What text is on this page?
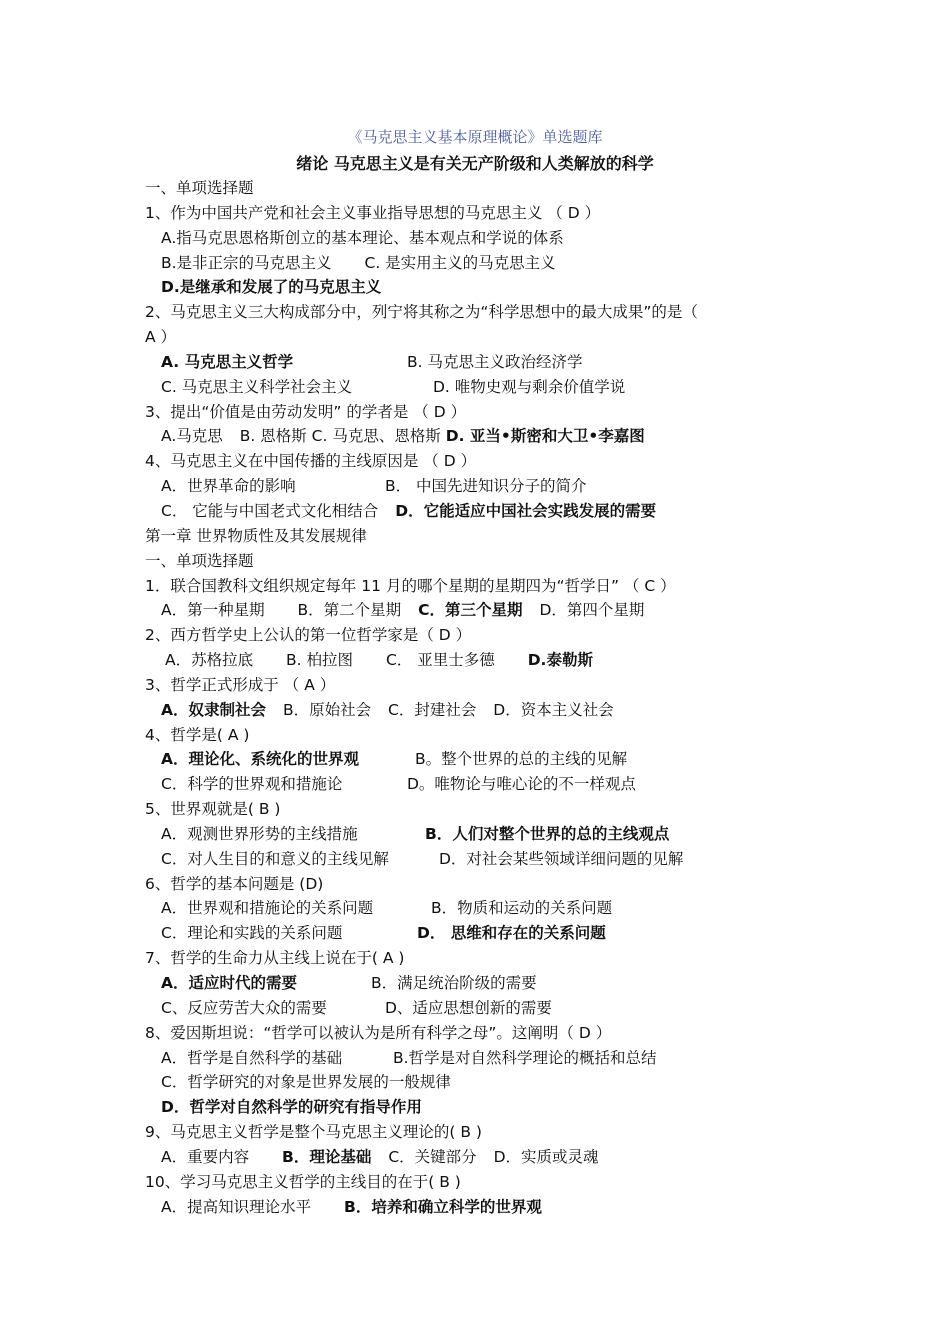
《马克思主义基本原理概论》单选题库
绪论 马克思主义是有关无产阶级和人类解放的科学
一、单项选择题
1、作为中国共产党和社会主义事业指导思想的马克思主义 （ D ）
A.指马克思恩格斯创立的基本理论、基本观点和学说的体系
B.是非正宗的马克思主义 C. 是实用主义的马克思主义
D.是继承和发展了的马克思主义
2、马克思主义三大构成部分中，列宁将其称之为“科学思想中的最大成果”的是（
A ）
A. 马克思主义哲学	B. 马克思主义政治经济学
C. 马克思主义科学社会主义	D. 唯物史观与剩余价值学说
3、提出“价值是由劳动发明” 的学者是 （ D ）
A.马克思 B. 恩格斯 C. 马克思、恩格斯 D. 亚当•斯密和大卫•李嘉图
4、马克思主义在中国传播的主线原因是 （ D ）
A．世界革命的影响	B． 中国先进知识分子的简介
C． 它能与中国老式文化相结合 D．它能适应中国社会实践发展的需要
第一章 世界物质性及其发展规律
一、单项选择题
1．联合国教科文组织规定每年 11 月的哪个星期的星期四为“哲学日” （ C ）
A．第一种星期 B．第二个星期 C．第三个星期 D．第四个星期
2、西方哲学史上公认的第一位哲学家是（ D ）
A．苏格拉底 B. 柏拉图 C． 亚里士多德 D.泰勒斯
3、哲学正式形成于 （ A ）
A．奴隶制社会 B．原始社会 C．封建社会 D．资本主义社会
4、哲学是( A )
A．理论化、系统化的世界观	B。整个世界的总的主线的见解
C．科学的世界观和措施论	D。唯物论与唯心论的不一样观点
5、世界观就是( B )
A．观测世界形势的主线措施	B．人们对整个世界的总的主线观点
C．对人生目的和意义的主线见解	D．对社会某些领域详细问题的见解
6、哲学的基本问题是 (D)
A．世界观和措施论的关系问题	B．物质和运动的关系问题
C．理论和实践的关系问题	D． 思维和存在的关系问题
7、哲学的生命力从主线上说在于( A )
A．适应时代的需要	B．满足统治阶级的需要
C、反应劳苦大众的需要	D、适应思想创新的需要
8、爱因斯坦说：“哲学可以被认为是所有科学之母”。这阐明（ D ）
A．哲学是自然科学的基础	B.哲学是对自然科学理论的概括和总结
C．哲学研究的对象是世界发展的一般规律
D．哲学对自然科学的研究有指导作用
9、马克思主义哲学是整个马克思主义理论的( B )
A．重要内容 B．理论基础 C．关键部分 D．实质或灵魂
10、学习马克思主义哲学的主线目的在于( B )
A．提高知识理论水平 B．培养和确立科学的世界观
